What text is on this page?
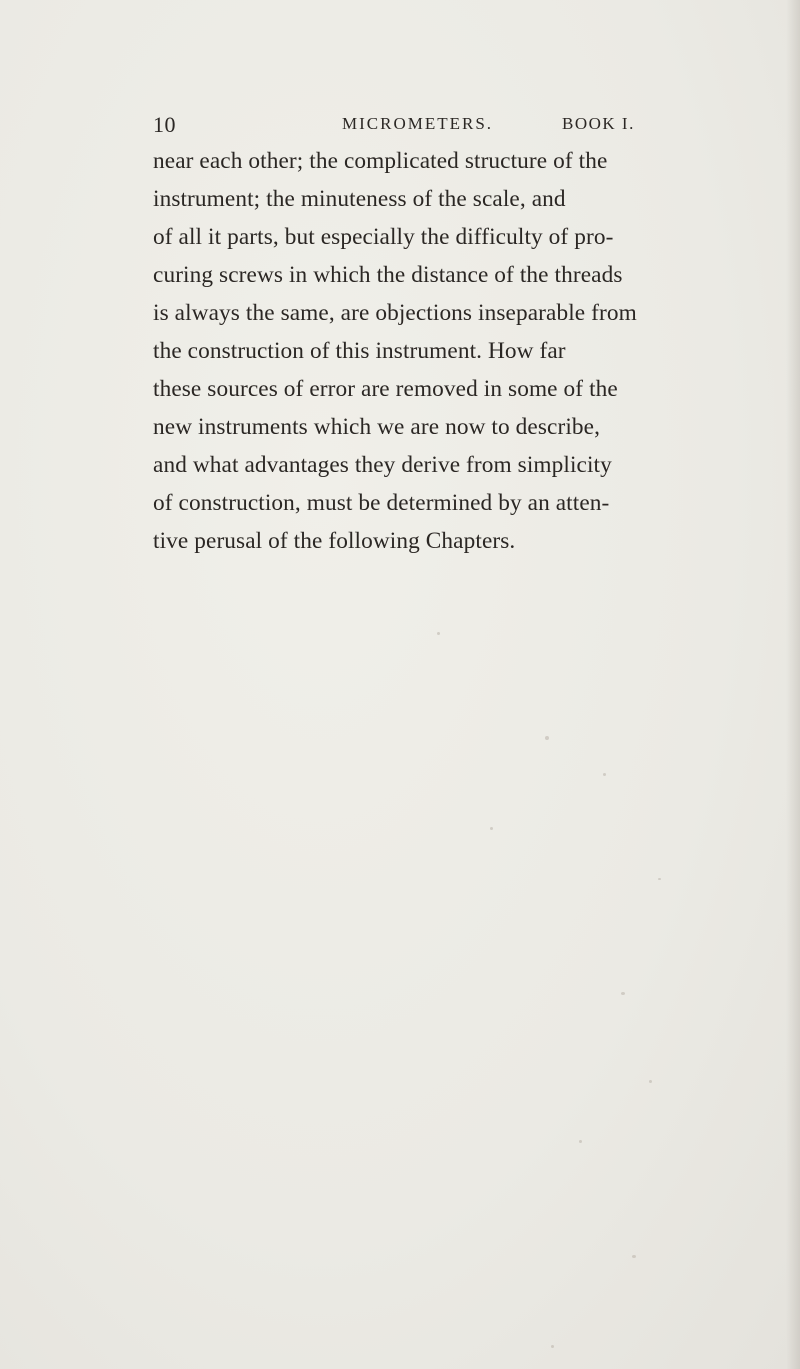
10	MICROMETERS.	BOOK I.
near each other; the complicated structure of the
instrument; the minuteness of the scale, and
of all it parts, but especially the difficulty of pro-
curing screws in which the distance of the threads
is always the same, are objections inseparable from
the construction of this instrument. How far
these sources of error are removed in some of the
new instruments which we are now to describe,
and what advantages they derive from simplicity
of construction, must be determined by an atten-
tive perusal of the following Chapters.
